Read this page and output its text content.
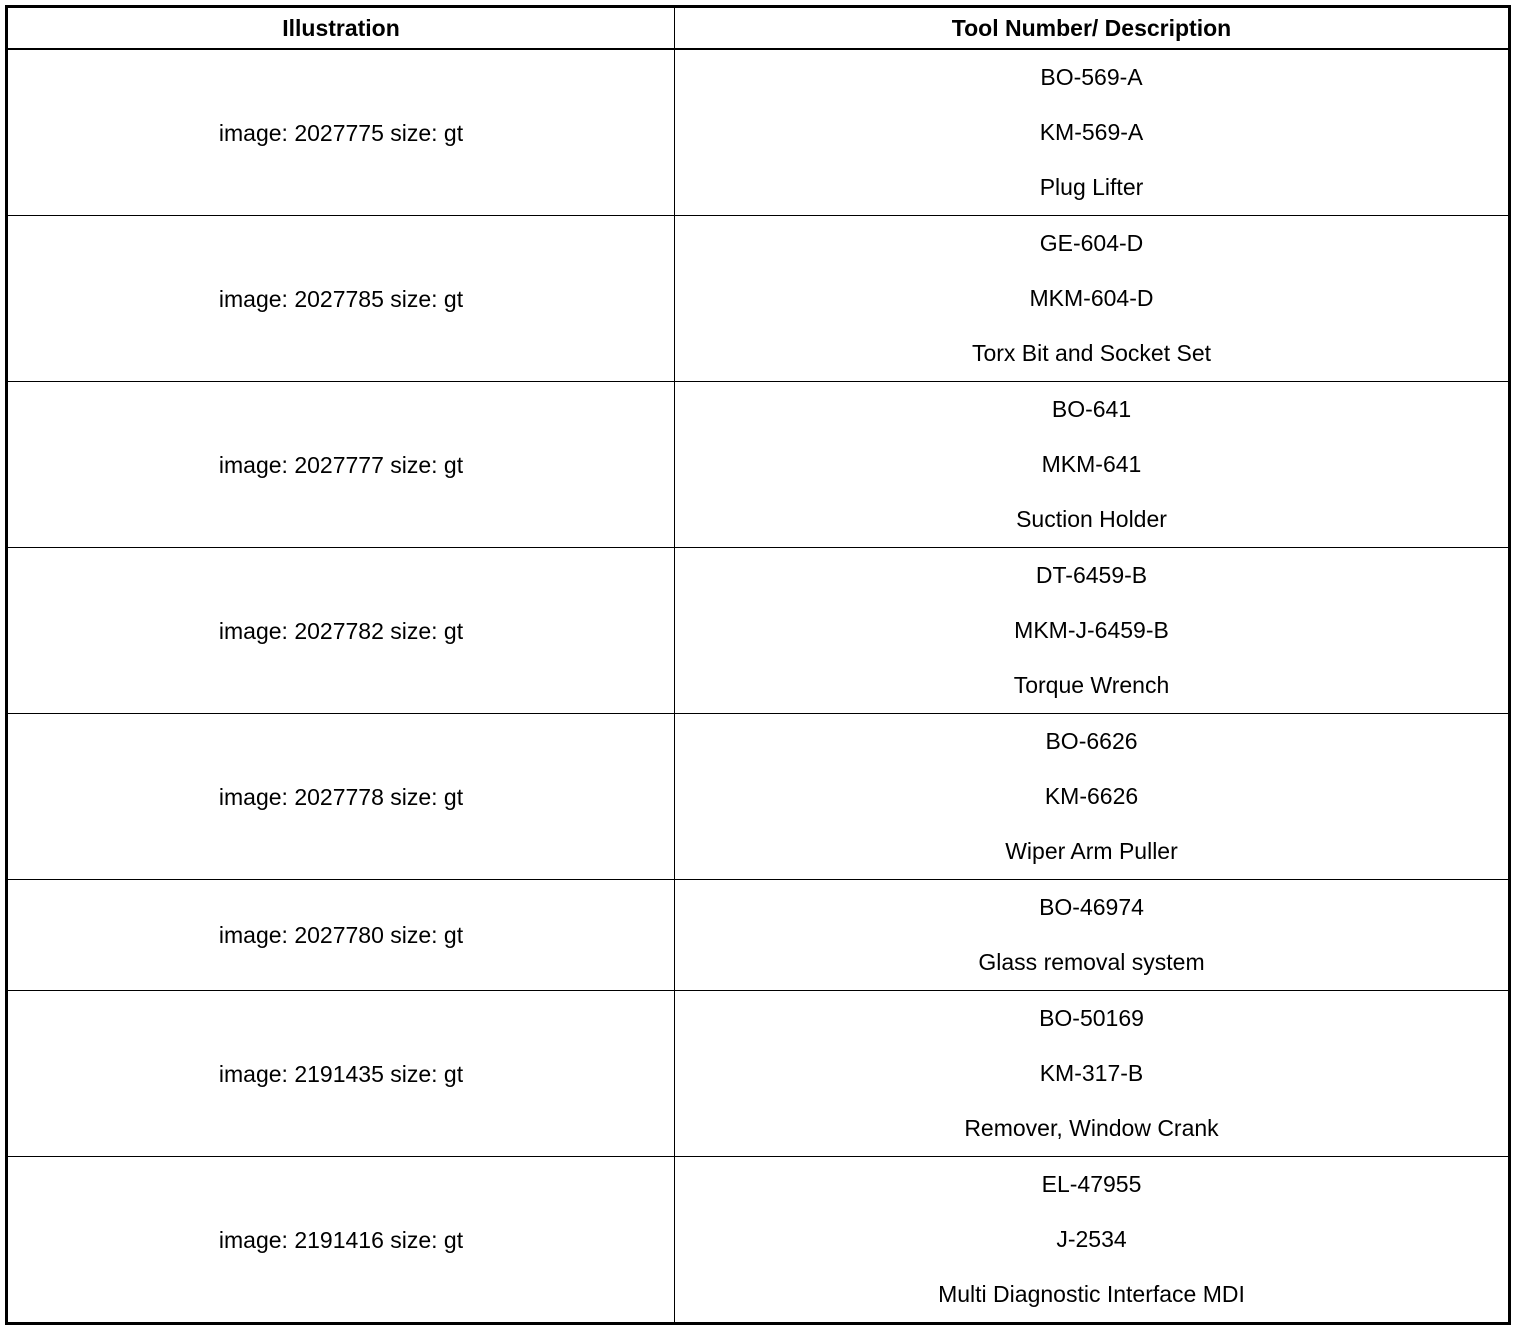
Illustration	Tool Number/ Description
image: 2027775 size: gt	BO-569-A
KM-569-A
Plug Lifter

image: 2027785 size: gt	GE-604-D
MKM-604-D
Torx Bit and Socket Set

image: 2027777 size: gt	BO-641
MKM-641
Suction Holder

image: 2027782 size: gt	DT-6459-B
MKM-J-6459-B
Torque Wrench

image: 2027778 size: gt	BO-6626
KM-6626
Wiper Arm Puller

image: 2027780 size: gt	BO-46974
Glass removal system

image: 2191435 size: gt	BO-50169
KM-317-B
Remover, Window Crank

image: 2191416 size: gt	EL-47955
J-2534
Multi Diagnostic Interface MDI
